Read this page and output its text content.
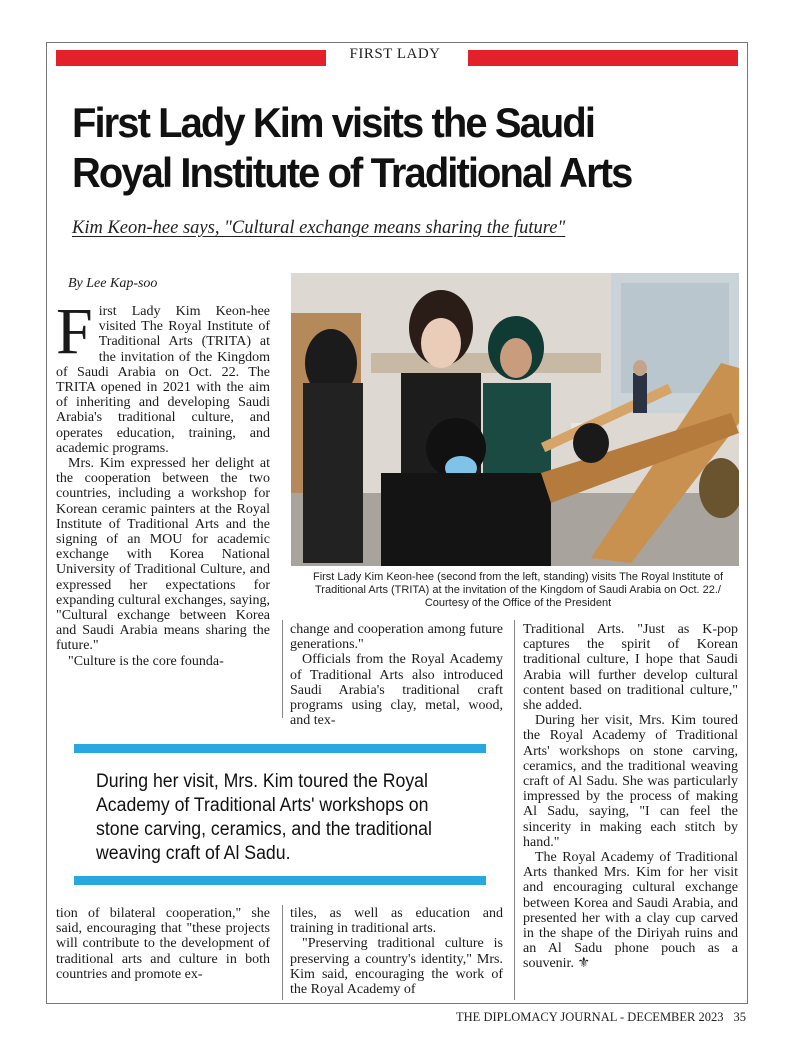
FIRST LADY
First Lady Kim visits the Saudi Royal Institute of Traditional Arts
Kim Keon-hee says, "Cultural exchange means sharing the future"
By Lee Kap-soo

First Lady Kim Keon-hee visited The Royal Institute of Traditional Arts (TRITA) at the invitation of the Kingdom of Saudi Arabia on Oct. 22. The TRITA opened in 2021 with the aim of inheriting and developing Saudi Arabia's traditional culture, and operates education, training, and academic programs.

Mrs. Kim expressed her delight at the cooperation between the two countries, including a workshop for Korean ceramic painters at the Royal Institute of Traditional Arts and the signing of an MOU for academic exchange with Korea National University of Traditional Culture, and expressed her expectations for expanding cultural exchanges, saying, "Cultural exchange between Korea and Saudi Arabia means sharing the future."

"Culture is the core founda-

First Lady Kim Keon-hee (second from the left, standing) visits The Royal Institute of Traditional Arts (TRITA) at the invitation of the Kingdom of Saudi Arabia on Oct. 22./ Courtesy of the Office of the President

change and cooperation among future generations."

Officials from the Royal Academy of Traditional Arts also introduced Saudi Arabia's traditional craft programs using clay, metal, wood, and tex-

Traditional Arts. "Just as K-pop captures the spirit of Korean traditional culture, I hope that Saudi Arabia will further develop cultural content based on traditional culture," she added.

During her visit, Mrs. Kim toured the Royal Academy of Traditional Arts' workshops on stone carving, ceramics, and the traditional weaving craft of Al Sadu. She was particularly impressed by the process of making Al Sadu, saying, "I can feel the sincerity in making each stitch by hand."

The Royal Academy of Traditional Arts thanked Mrs. Kim for her visit and encouraging cultural exchange between Korea and Saudi Arabia, and presented her with a clay cup carved in the shape of the Diriyah ruins and an Al Sadu phone pouch as a souvenir. ⚜

During her visit, Mrs. Kim toured the Royal Academy of Traditional Arts' workshops on stone carving, ceramics, and the traditional weaving craft of Al Sadu.

tion of bilateral cooperation," she said, encouraging that "these projects will contribute to the development of traditional arts and culture in both countries and promote ex-

tiles, as well as education and training in traditional arts.

"Preserving traditional culture is preserving a country's identity," Mrs. Kim said, encouraging the work of the Royal Academy of

THE DIPLOMACY JOURNAL - DECEMBER 2023 35
